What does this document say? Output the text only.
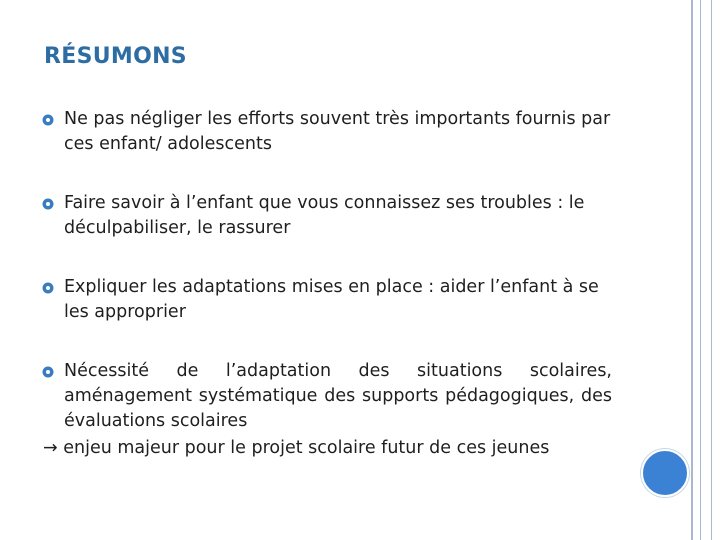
RÉSUMONS
Ne pas négliger les efforts souvent très importants fournis par ces enfant/ adolescents
Faire savoir à l’enfant que vous connaissez ses troubles : le déculpabiliser, le rassurer
Expliquer les adaptations mises en place : aider l’enfant à se les approprier
Nécessité de l’adaptation des situations scolaires, aménagement systématique des supports pédagogiques, des évaluations scolaires
→ enjeu majeur pour le projet scolaire futur de ces jeunes
